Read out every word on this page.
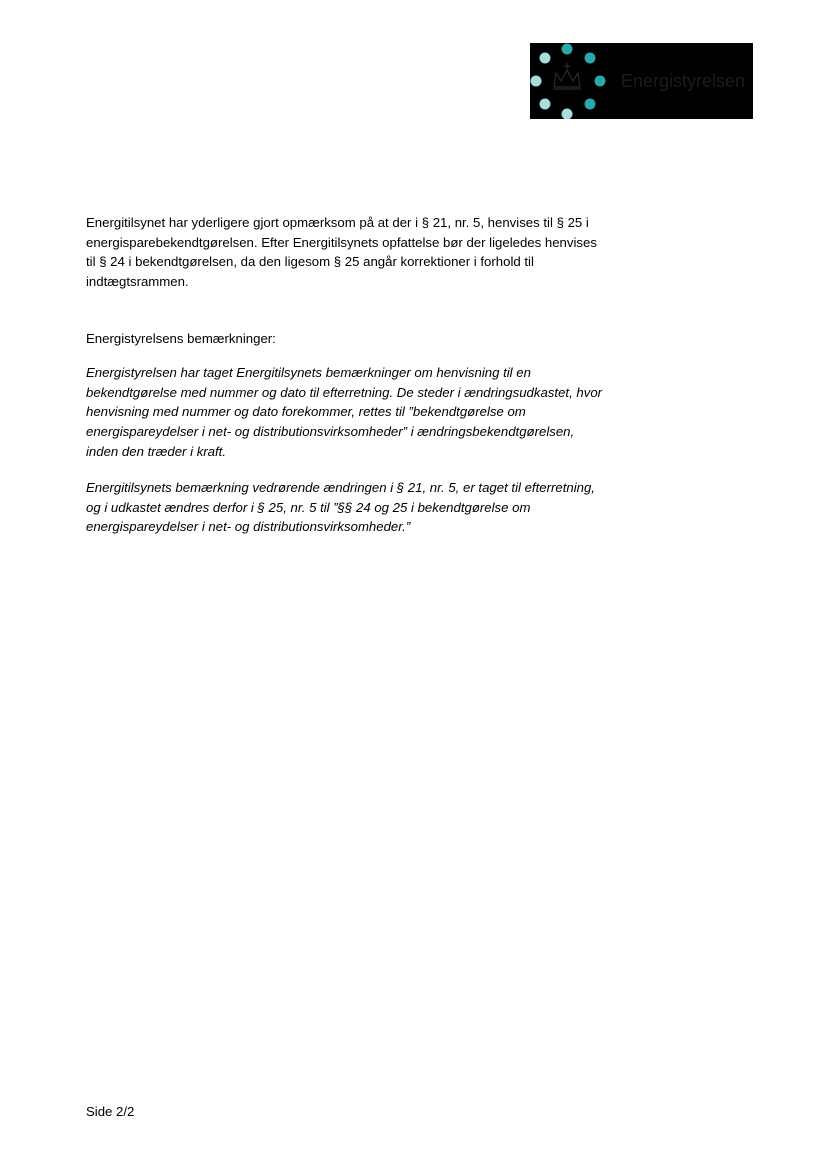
Energistyrelsen

Energitilsynet har yderligere gjort opmærksom på at der i § 21, nr. 5, henvises til § 25 i energisparebekendtgørelsen. Efter Energitilsynets opfattelse bør der ligeledes henvises til § 24 i bekendtgørelsen, da den ligesom § 25 angår korrektioner i forhold til indtægtsrammen.

Energistyrelsens bemærkninger:

Energistyrelsen har taget Energitilsynets bemærkninger om henvisning til en bekendtgørelse med nummer og dato til efterretning. De steder i ændringsudkastet, hvor henvisning med nummer og dato forekommer, rettes til ”bekendtgørelse om energispareydelser i net- og distributionsvirksomheder” i ændringsbekendtgørelsen, inden den træder i kraft.

Energitilsynets bemærkning vedrørende ændringen i § 21, nr. 5, er taget til efterretning, og i udkastet ændres derfor i § 25, nr. 5 til ”§§ 24 og 25 i bekendtgørelse om energispareydelser i net- og distributionsvirksomheder.”

Side 2/2
